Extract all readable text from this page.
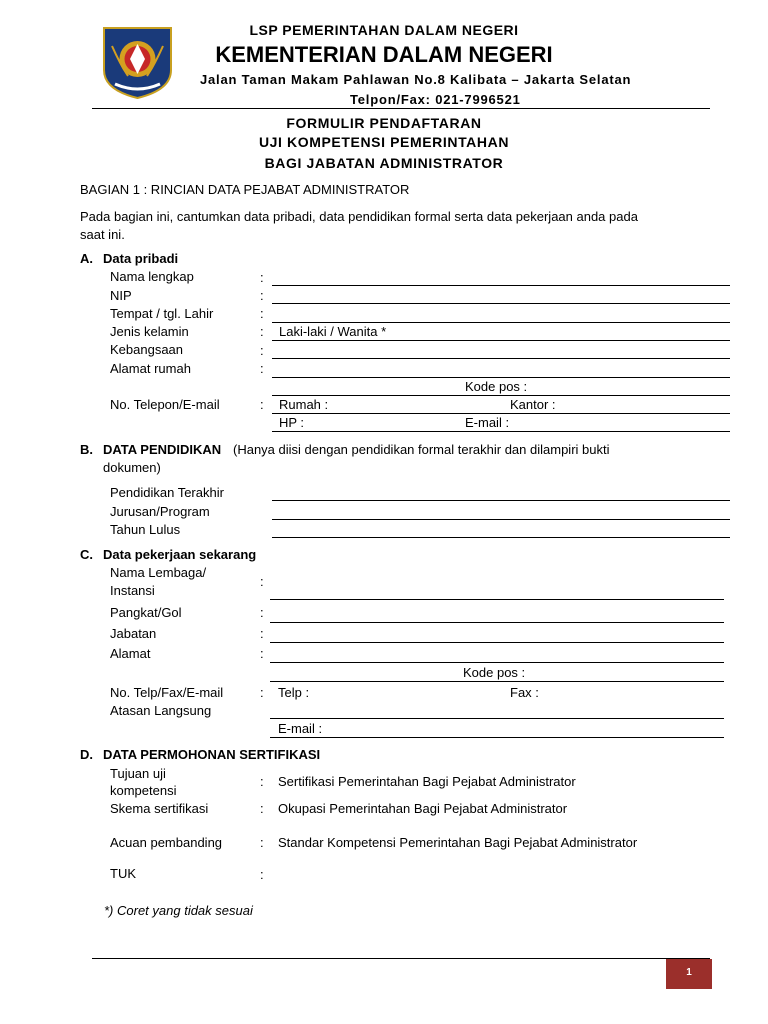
LSP PEMERINTAHAN DALAM NEGERI
KEMENTERIAN DALAM NEGERI
Jalan Taman Makam Pahlawan No.8 Kalibata – Jakarta Selatan
Telpon/Fax: 021-7996521
FORMULIR PENDAFTARAN
UJI KOMPETENSI PEMERINTAHAN
BAGI JABATAN ADMINISTRATOR
BAGIAN 1 : RINCIAN DATA PEJABAT ADMINISTRATOR
Pada bagian ini, cantumkan data pribadi, data pendidikan formal serta data pekerjaan anda pada
saat ini.
A. Data pribadi
Nama lengkap	:
NIP	:
Tempat / tgl. Lahir	:
Jenis kelamin	: Laki-laki / Wanita *
Kebangsaan	:
Alamat rumah	:
Kode pos :
No. Telepon/E-mail	: Rumah :	Kantor :
HP :	E-mail :
B. DATA PENDIDIKAN (Hanya diisi dengan pendidikan formal terakhir dan dilampiri bukti
dokumen)
Pendidikan Terakhir
Jurusan/Program
Tahun Lulus
C. Data pekerjaan sekarang
Nama Lembaga/
Instansi
:
Pangkat/Gol	:
Jabatan	:
Alamat	:
Kode pos :
No. Telp/Fax/E-mail	: Telp :	Fax :
Atasan Langsung
E-mail :
D. DATA PERMOHONAN SERTIFIKASI
Tujuan uji
kompetensi
: Sertifikasi Pemerintahan Bagi Pejabat Administrator
Skema sertifikasi	: Okupasi Pemerintahan Bagi Pejabat Administrator
Acuan pembanding	: Standar Kompetensi Pemerintahan Bagi Pejabat Administrator
TUK	:
*) Coret yang tidak sesuai
1
